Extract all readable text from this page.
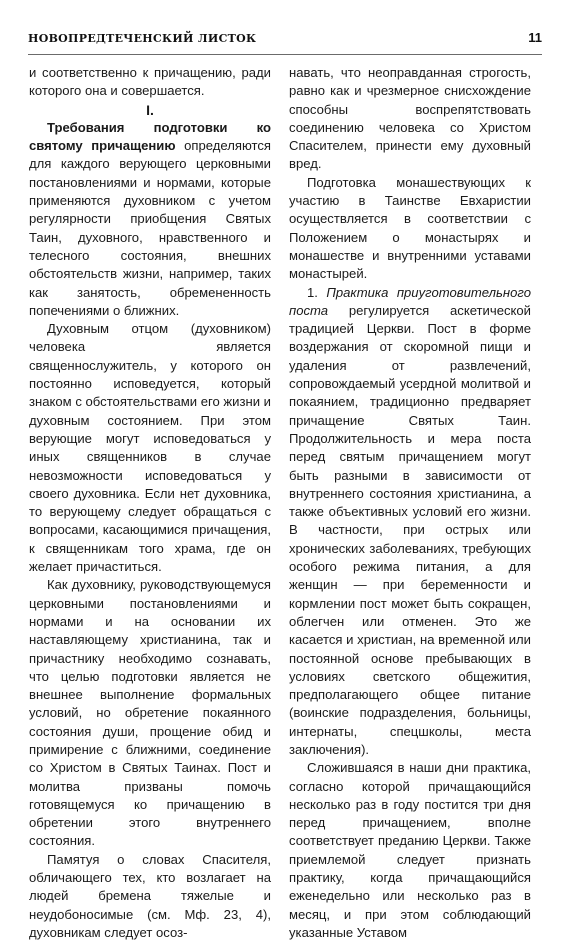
НОВОПРЕДТЕЧЕНСКИЙ ЛИСТОК	11

и соответственно к причащению, ради которого она и совершается.

I.

Требования подготовки ко святому причащению определяются для каждого верующего церковными постановлениями и нормами, которые применяются духовником с учетом регулярности приобщения Святых Таин, духовного, нравственного и телесного состояния, внешних обстоятельств жизни, например, таких как занятость, обремененность попечениями о ближних.

Духовным отцом (духовником) человека является священнослужитель, у которого он постоянно исповедуется, который знаком с обстоятельствами его жизни и духовным состоянием. При этом верующие могут исповедоваться у иных священников в случае невозможности исповедоваться у своего духовника. Если нет духовника, то верующему следует обращаться с вопросами, касающимися причащения, к священникам того храма, где он желает причаститься.

Как духовнику, руководствующемуся церковными постановлениями и нормами и на основании их наставляющему христианина, так и причастнику необходимо сознавать, что целью подготовки является не внешнее выполнение формальных условий, но обретение покаянного состояния души, прощение обид и примирение с ближними, соединение со Христом в Святых Таинах. Пост и молитва призваны помочь готовящемуся ко причащению в обретении этого внутреннего состояния.

Памятуя о словах Спасителя, обличающего тех, кто возлагает на людей бремена тяжелые и неудобоносимые (см. Мф. 23, 4), духовникам следует осоз-

навать, что неоправданная строгость, равно как и чрезмерное снисхождение способны воспрепятствовать соединению человека со Христом Спасителем, принести ему духовный вред.

Подготовка монашествующих к участию в Таинстве Евхаристии осуществляется в соответствии с Положением о монастырях и монашестве и внутренними уставами монастырей.

1. Практика приуготовительного поста регулируется аскетической традицией Церкви. Пост в форме воздержания от скоромной пищи и удаления от развлечений, сопровождаемый усердной молитвой и покаянием, традиционно предваряет причащение Святых Таин. Продолжительность и мера поста перед святым причащением могут быть разными в зависимости от внутреннего состояния христианина, а также объективных условий его жизни. В частности, при острых или хронических заболеваниях, требующих особого режима питания, а для женщин — при беременности и кормлении пост может быть сокращен, облегчен или отменен. Это же касается и христиан, на временной или постоянной основе пребывающих в условиях светского общежития, предполагающего общее питание (воинские подразделения, больницы, интернаты, спецшколы, места заключения).

Сложившаяся в наши дни практика, согласно которой причащающийся несколько раз в году постится три дня перед причащением, вполне соответствует преданию Церкви. Также приемлемой следует признать практику, когда причащающийся еженедельно или несколько раз в месяц, и при этом соблюдающий указанные Уставом
